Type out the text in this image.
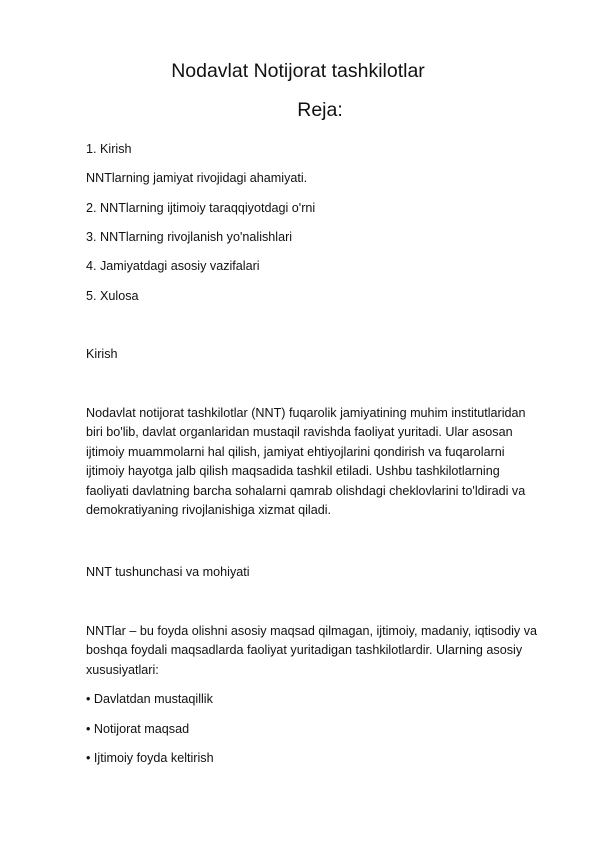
Nodavlat Notijorat tashkilotlar
Reja:
1. Kirish
NNTlarning jamiyat rivojidagi ahamiyati.
2. NNTlarning ijtimoiy taraqqiyotdagi o'rni
3. NNTlarning rivojlanish yo'nalishlari
4. Jamiyatdagi asosiy vazifalari
5. Xulosa
Kirish
Nodavlat notijorat tashkilotlar (NNT) fuqarolik jamiyatining muhim institutlaridan
biri bo'lib, davlat organlaridan mustaqil ravishda faoliyat yuritadi. Ular asosan
ijtimoiy muammolarni hal qilish, jamiyat ehtiyojlarini qondirish va fuqarolarni
ijtimoiy hayotga jalb qilish maqsadida tashkil etiladi. Ushbu tashkilotlarning
faoliyati davlatning barcha sohalarni qamrab olishdagi cheklovlarini to'ldiradi va
demokratiyaning rivojlanishiga xizmat qiladi.
NNT tushunchasi va mohiyati
NNTlar – bu foyda olishni asosiy maqsad qilmagan, ijtimoiy, madaniy, iqtisodiy va
boshqa foydali maqsadlarda faoliyat yuritadigan tashkilotlardir. Ularning asosiy
xususiyatlari:
• Davlatdan mustaqillik
• Notijorat maqsad
• Ijtimoiy foyda keltirish
